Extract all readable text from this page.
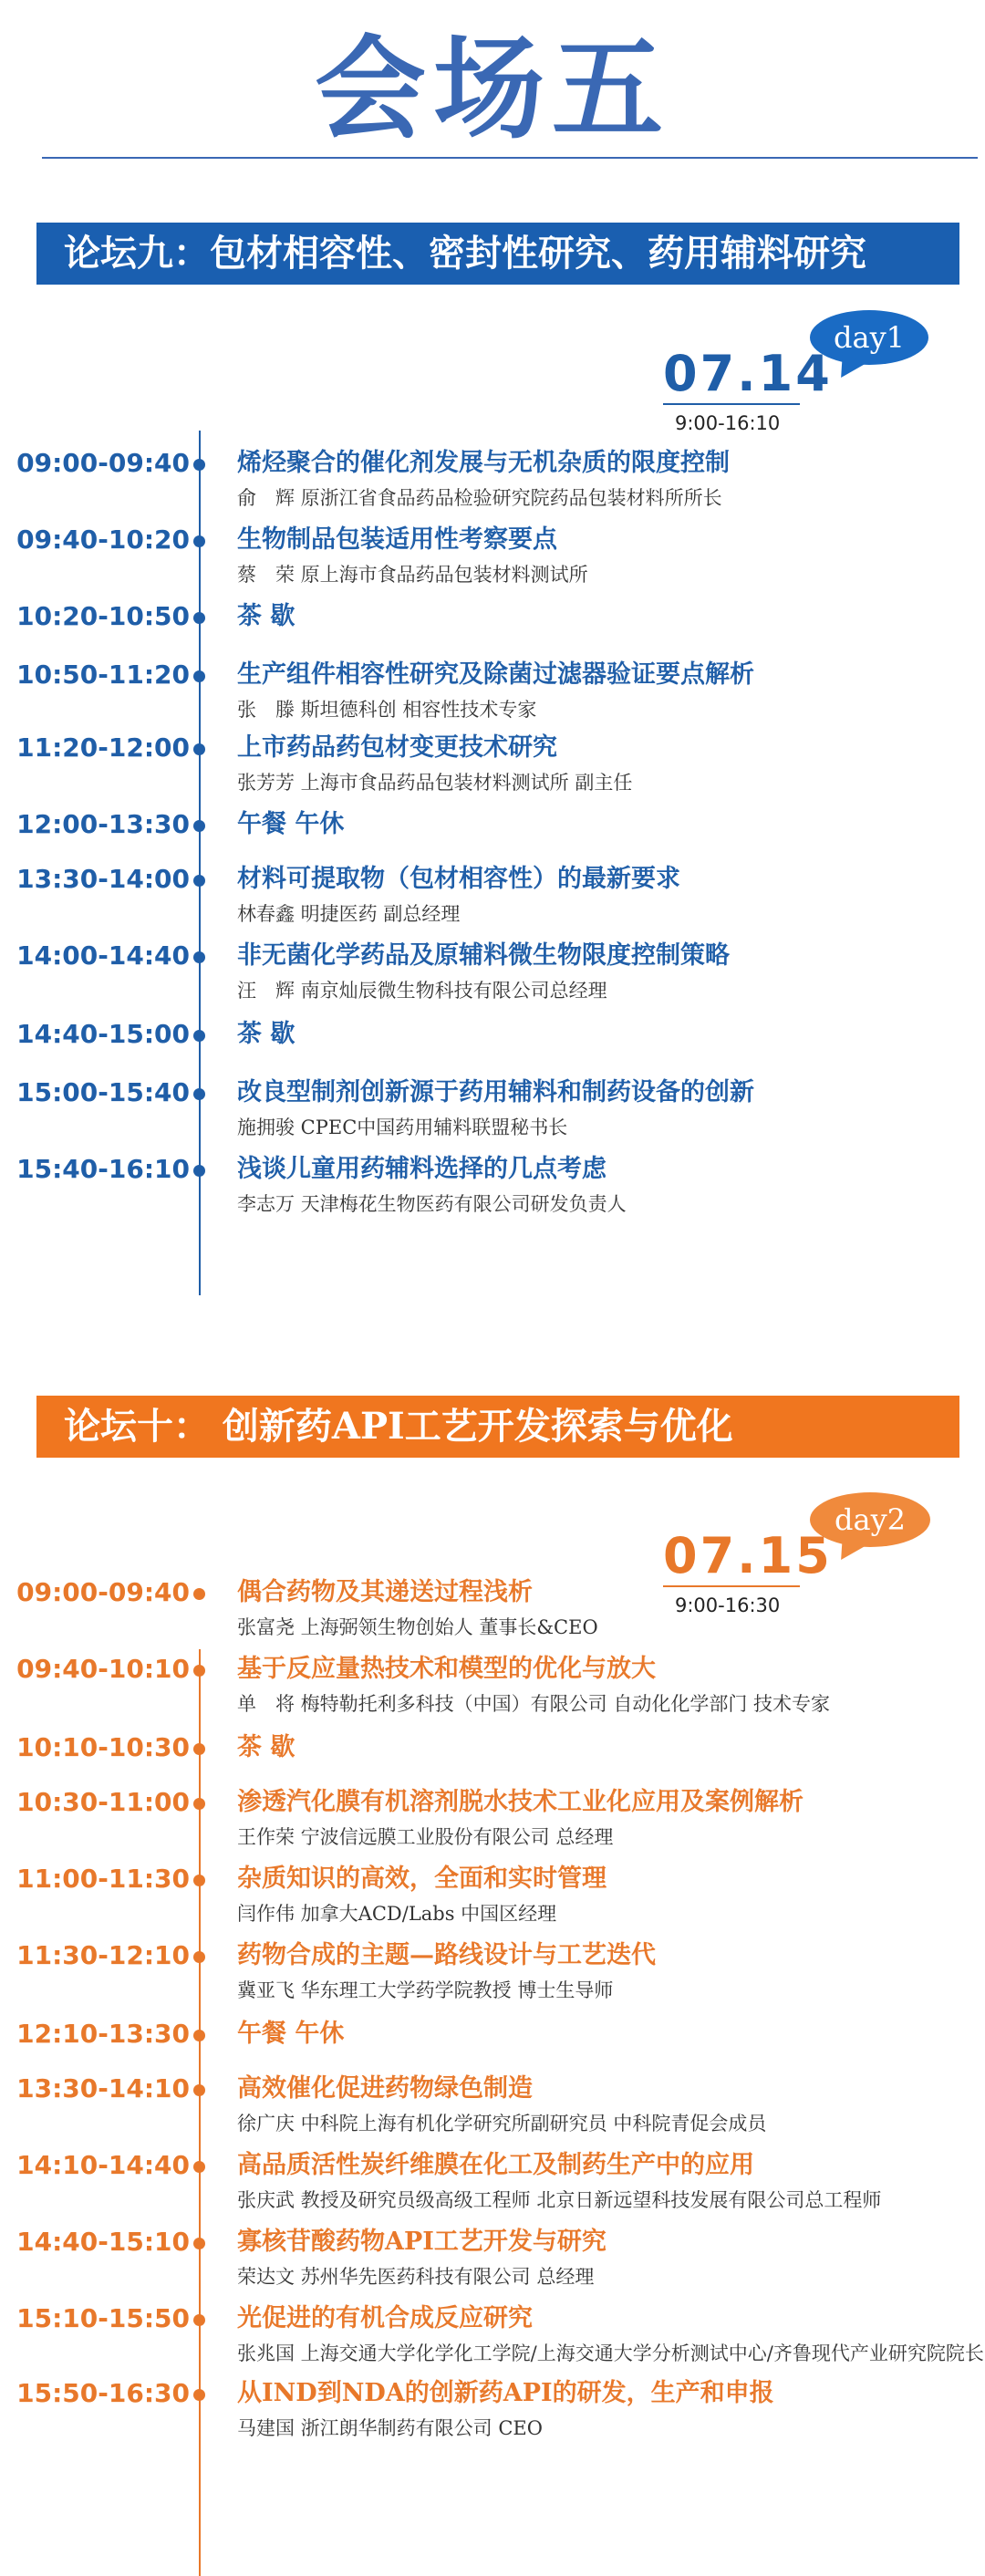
会场五
论坛九：包材相容性、密封性研究、药用辅料研究
day1
07.14
9:00-16:10
09:00-09:40 烯烃聚合的催化剂发展与无机杂质的限度控制
俞　辉 原浙江省食品药品检验研究院药品包装材料所所长
09:40-10:20 生物制品包装适用性考察要点
蔡　荣 原上海市食品药品包装材料测试所
10:20-10:50 茶 歇
10:50-11:20 生产组件相容性研究及除菌过滤器验证要点解析
张　滕 斯坦德科创 相容性技术专家
11:20-12:00 上市药品药包材变更技术研究
张芳芳 上海市食品药品包装材料测试所 副主任
12:00-13:30 午餐 午休
13:30-14:00 材料可提取物（包材相容性）的最新要求
林春鑫 明捷医药 副总经理
14:00-14:40 非无菌化学药品及原辅料微生物限度控制策略
汪　辉 南京灿辰微生物科技有限公司总经理
14:40-15:00 茶 歇
15:00-15:40 改良型制剂创新源于药用辅料和制药设备的创新
施拥骏 CPEC中国药用辅料联盟秘书长
15:40-16:10 浅谈儿童用药辅料选择的几点考虑
李志万 天津梅花生物医药有限公司研发负责人
论坛十： 创新药API工艺开发探索与优化
day2
07.15
9:00-16:30
09:00-09:40 偶合药物及其递送过程浅析
张富尧 上海弼领生物创始人 董事长&CEO
09:40-10:10 基于反应量热技术和模型的优化与放大
单　将 梅特勒托利多科技（中国）有限公司 自动化化学部门 技术专家
10:10-10:30 茶 歇
10:30-11:00 渗透汽化膜有机溶剂脱水技术工业化应用及案例解析
王作荣 宁波信远膜工业股份有限公司 总经理
11:00-11:30 杂质知识的高效，全面和实时管理
闫作伟 加拿大ACD/Labs 中国区经理
11:30-12:10 药物合成的主题—路线设计与工艺迭代
冀亚飞 华东理工大学药学院教授 博士生导师
12:10-13:30 午餐 午休
13:30-14:10 高效催化促进药物绿色制造
徐广庆 中科院上海有机化学研究所副研究员 中科院青促会成员
14:10-14:40 高品质活性炭纤维膜在化工及制药生产中的应用
张庆武 教授及研究员级高级工程师 北京日新远望科技发展有限公司总工程师
14:40-15:10 寡核苷酸药物API工艺开发与研究
荣达文 苏州华先医药科技有限公司 总经理
15:10-15:50 光促进的有机合成反应研究
张兆国 上海交通大学化学化工学院/上海交通大学分析测试中心/齐鲁现代产业研究院院长
15:50-16:30 从IND到NDA的创新药API的研发，生产和申报
马建国 浙江朗华制药有限公司 CEO
